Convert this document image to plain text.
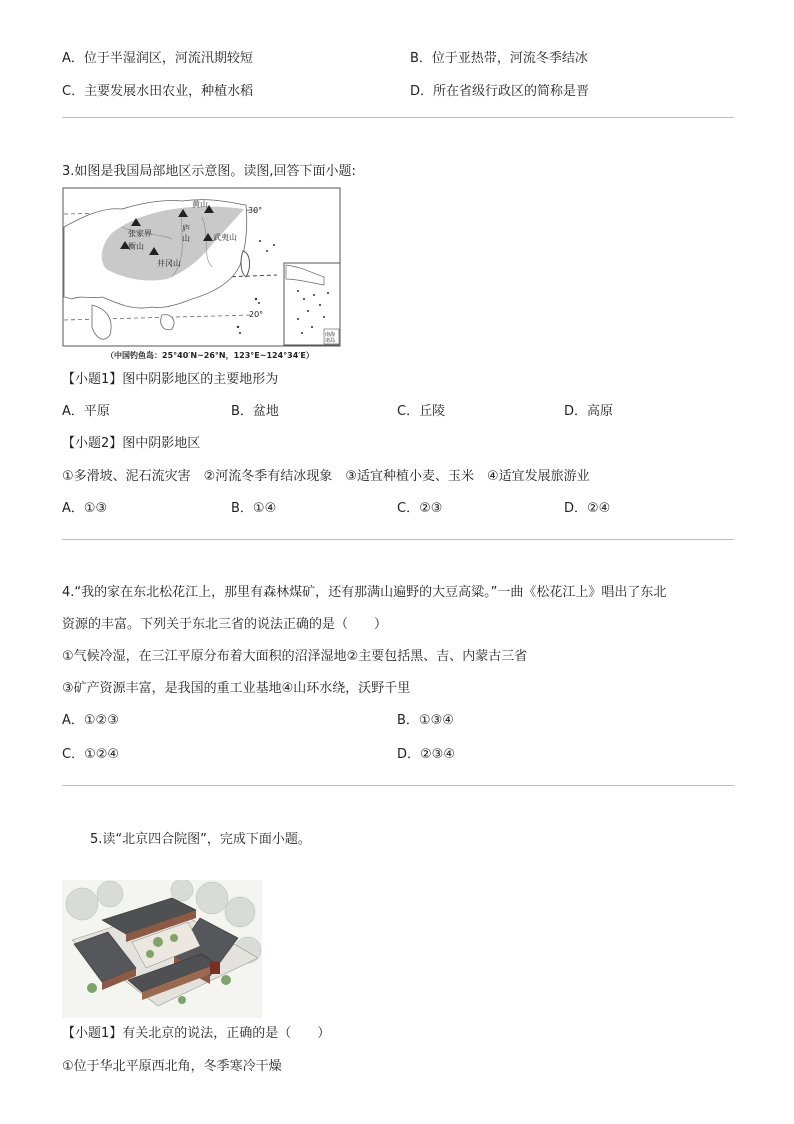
A．位于半湿润区，河流汛期较短	B．位于亚热带，河流冬季结冰
C．主要发展水田农业，种植水稻	D．所在省级行政区的简称是晋
3.如图是我国局部地区示意图。读图,回答下面小题:
黄山
庐
山	武夷山
张家界
衡山
井冈山
30°
20°
南海
诸岛
（中国钓鱼岛：25°40′N~26°N，123°E~124°34′E）
【小题1】图中阴影地区的主要地形为
A．平原	B．盆地	C．丘陵	D．高原
【小题2】图中阴影地区
①多滑坡、泥石流灾害　②河流冬季有结冰现象　③适宜种植小麦、玉米　④适宜发展旅游业
A．①③	B．①④	C．②③	D．②④
4.“我的家在东北松花江上，那里有森林煤矿，还有那满山遍野的大豆高粱。”一曲《松花江上》唱出了东北
资源的丰富。下列关于东北三省的说法正确的是（　　）
①气候冷湿，在三江平原分布着大面积的沼泽湿地②主要包括黑、吉、内蒙古三省
③矿产资源丰富，是我国的重工业基地④山环水绕，沃野千里
A．①②③	B．①③④
C．①②④	D．②③④
5.读“北京四合院图”，完成下面小题。
【小题1】有关北京的说法，正确的是（　　）
①位于华北平原西北角，冬季寒冷干燥
